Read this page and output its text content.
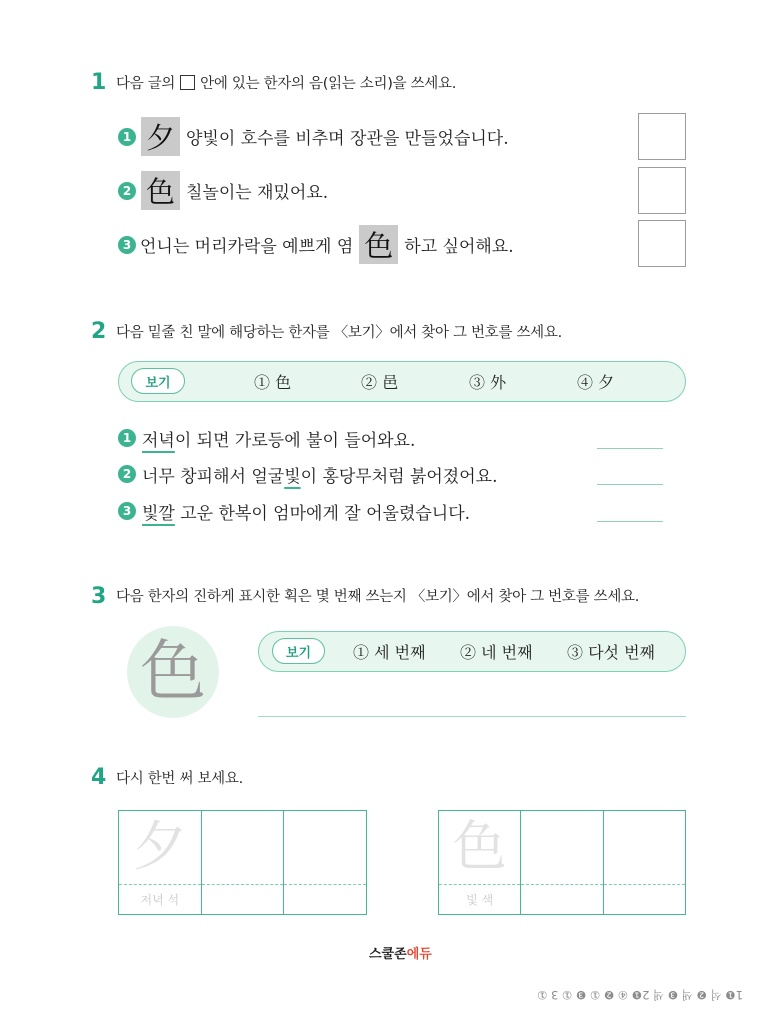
1 다음 글의 안에 있는 한자의 음(읽는 소리)을 쓰세요.
1 夕 양빛이 호수를 비추며 장관을 만들었습니다.
2 色 칠놀이는 재밌어요.
3 언니는 머리카락을 예쁘게 염 色 하고 싶어해요.
2 다음 밑줄 친 말에 해당하는 한자를 〈보기〉에서 찾아 그 번호를 쓰세요.
보기	① 色	② 邑	③ 外	④ 夕
1 저녁이 되면 가로등에 불이 들어와요.
2 너무 창피해서 얼굴빛이 홍당무처럼 붉어졌어요.
3 빛깔 고운 한복이 엄마에게 잘 어울렸습니다.
3 다음 한자의 진하게 표시한 획은 몇 번째 쓰는지 〈보기〉에서 찾아 그 번호를 쓰세요.
色	보기	① 세 번째 ② 네 번째 ③ 다섯 번째
4 다시 한번 써 보세요.
夕
저녁 석
色
빛 색
스쿨존에듀
1❶ 석 ❷ 색 ❸ 색 2❶ ④ ❷ ① ❸ ① 3 ①
